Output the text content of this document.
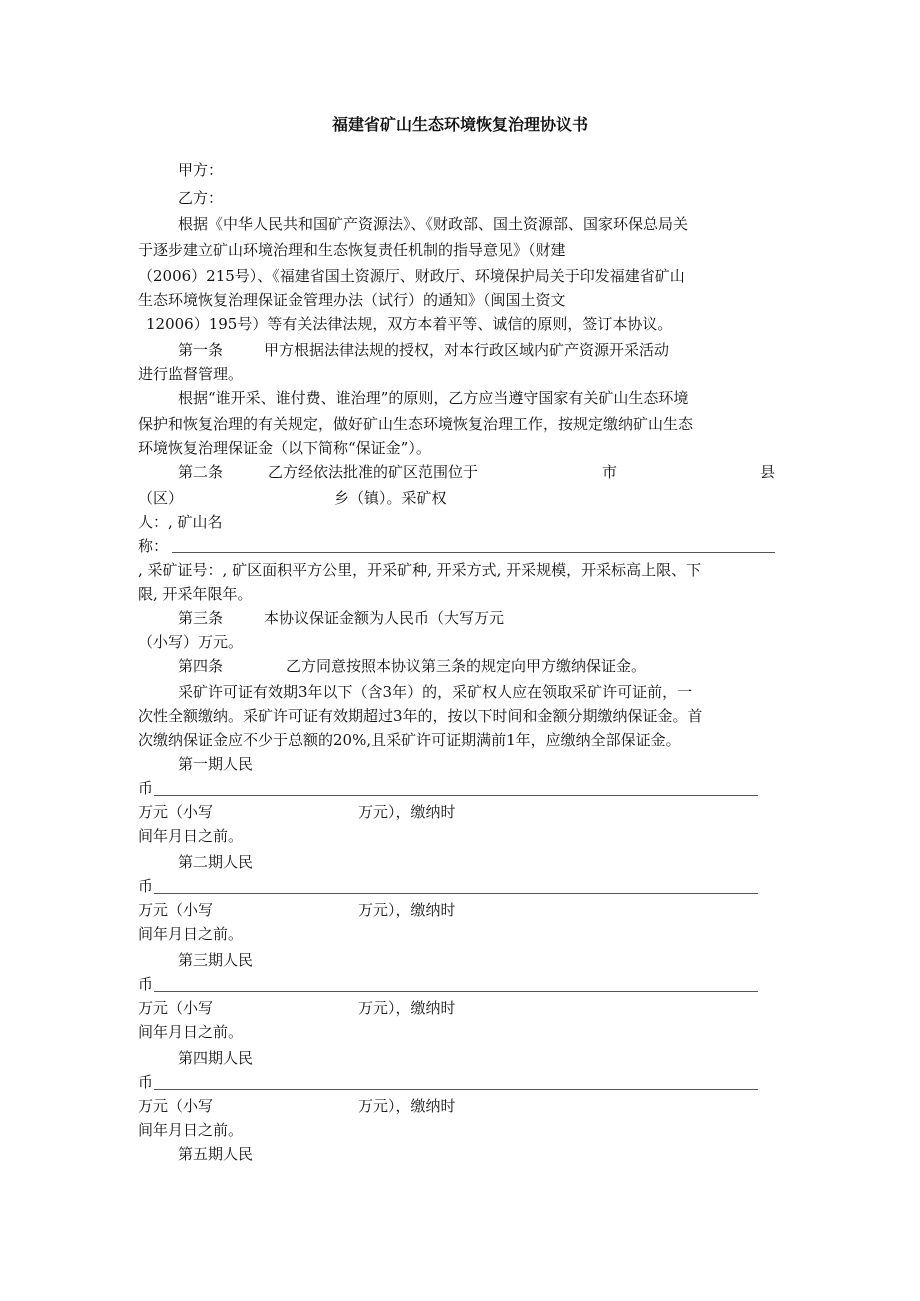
福建省矿山生态环境恢复治理协议书
甲方：
乙方：
根据《中华人民共和国矿产资源法》、《财政部、国土资源部、国家环保总局关
于逐步建立矿山环境治理和生态恢复责任机制的指导意见》（财建
（2006）215号）、《福建省国土资源厅、财政厅、环境保护局关于印发福建省矿山
生态环境恢复治理保证金管理办法（试行）的通知》（闽国土资文
12006）195号）等有关法律法规，双方本着平等、诚信的原则，签订本协议。
第一条	甲方根据法律法规的授权，对本行政区域内矿产资源开采活动
进行监督管理。
根据“谁开采、谁付费、谁治理”的原则，乙方应当遵守国家有关矿山生态环境
保护和恢复治理的有关规定，做好矿山生态环境恢复治理工作，按规定缴纳矿山生态
环境恢复治理保证金（以下简称“保证金”）。
第二条	乙方经依法批准的矿区范围位于	市	县
（区）	乡（镇）。采矿权
人：, 矿山名
称：
, 采矿证号：, 矿区面积平方公里，开采矿种, 开采方式, 开采规模，开采标高上限、下
限, 开采年限年。
第三条	本协议保证金额为人民币（大写万元
（小写）万元。
第四条	乙方同意按照本协议第三条的规定向甲方缴纳保证金。
采矿许可证有效期3年以下（含3年）的，采矿权人应在领取采矿许可证前，一
次性全额缴纳。采矿许可证有效期超过3年的，按以下时间和金额分期缴纳保证金。首
次缴纳保证金应不少于总额的20%,且采矿许可证期满前1年，应缴纳全部保证金。
第一期人民
币
万元（小写	万元），缴纳时
间年月日之前。
第二期人民
币
万元（小写	万元），缴纳时
间年月日之前。
第三期人民
币
万元（小写	万元），缴纳时
间年月日之前。
第四期人民
币
万元（小写	万元），缴纳时
间年月日之前。
第五期人民
